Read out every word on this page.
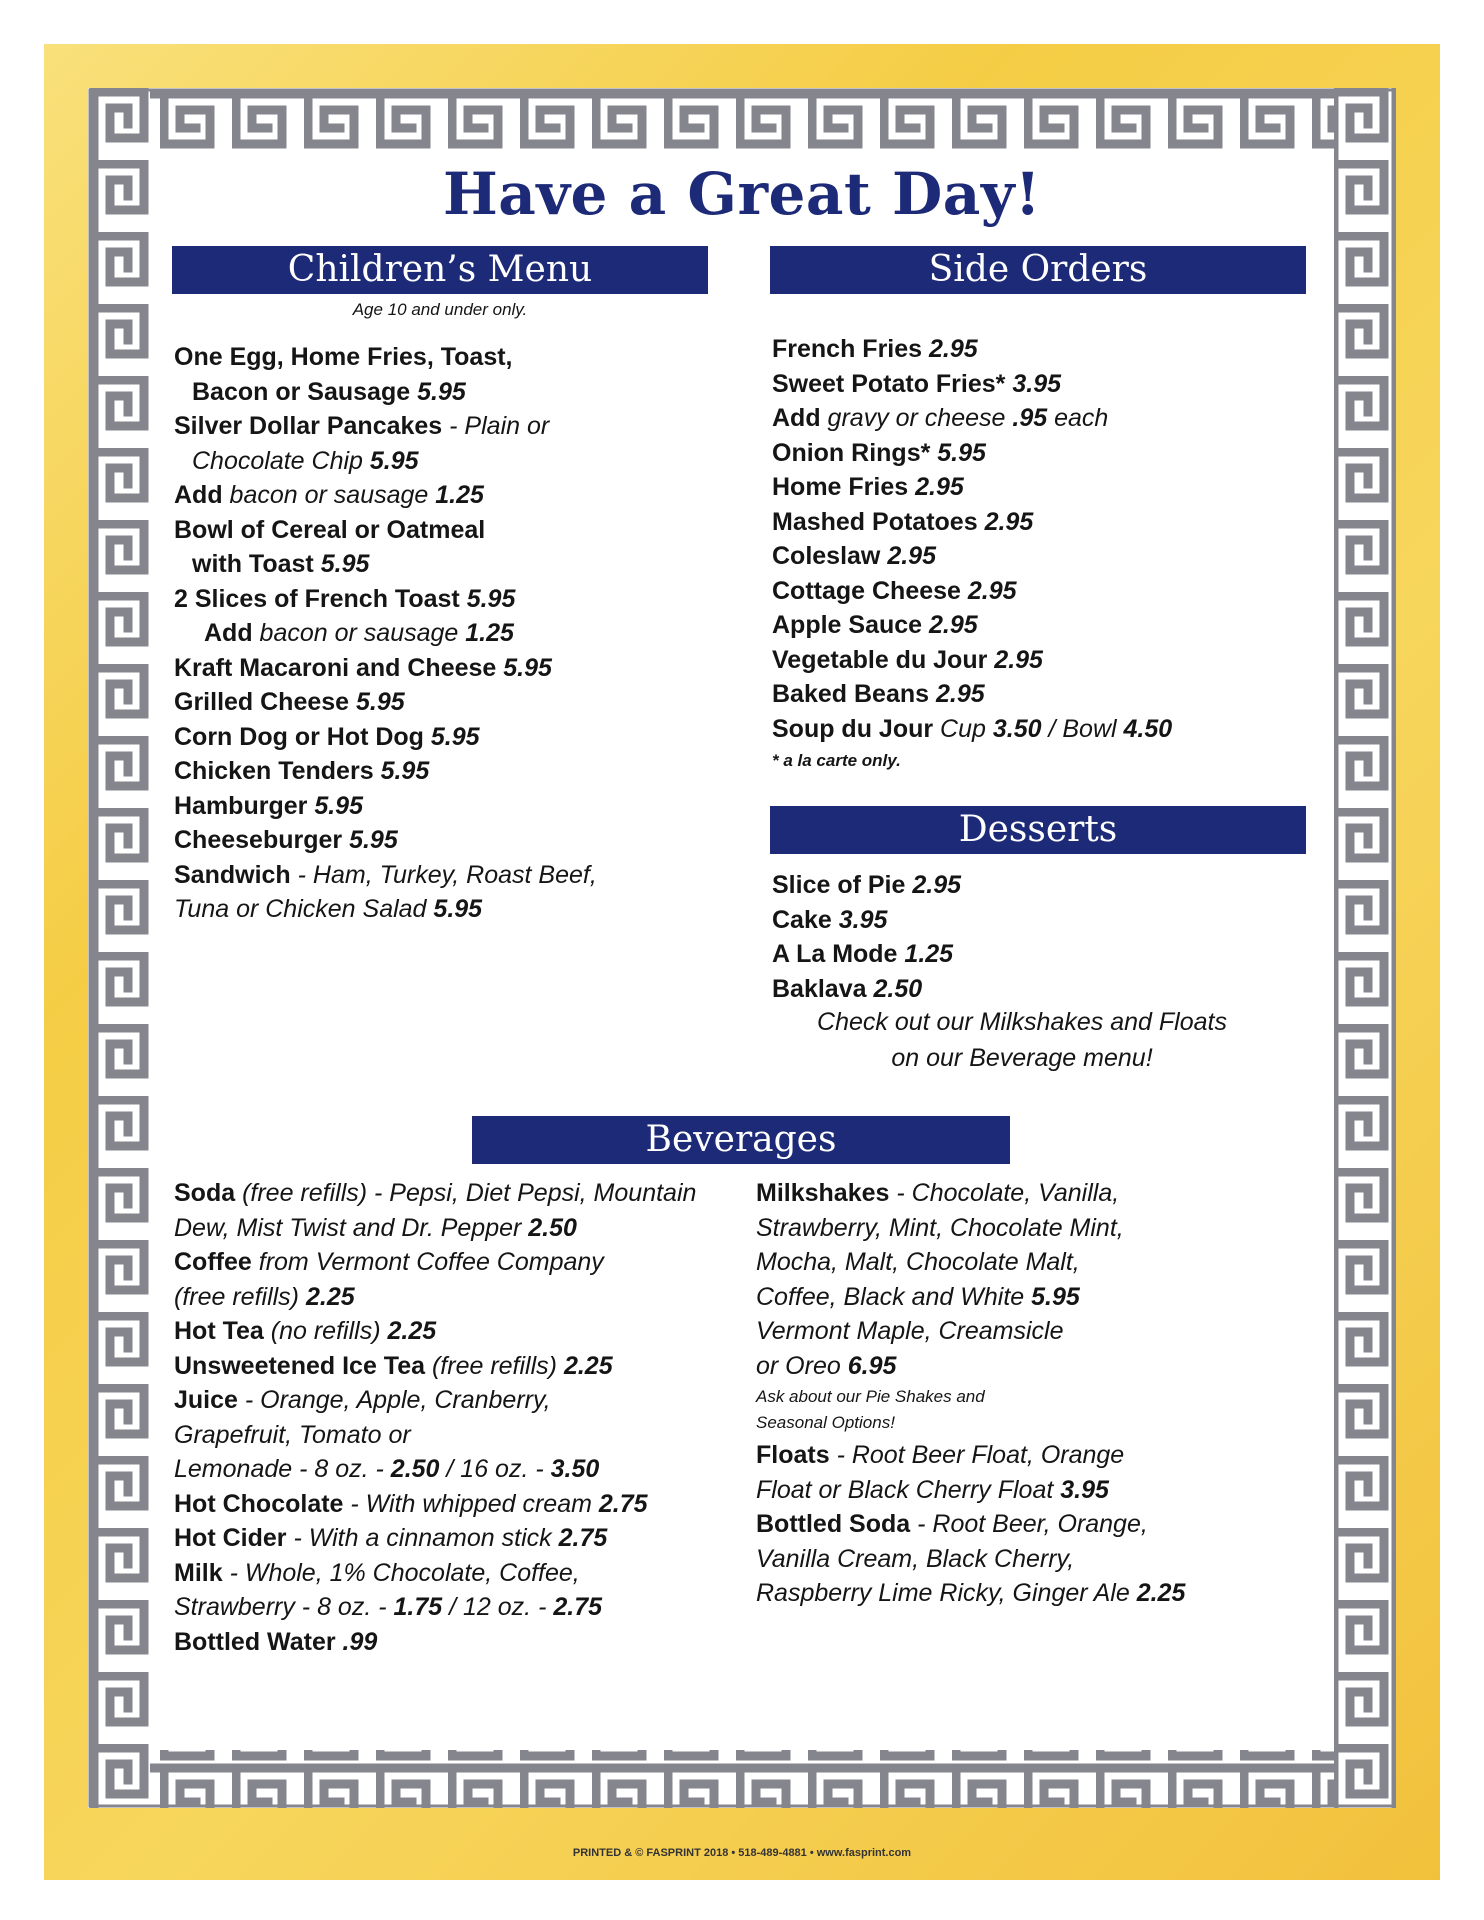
Have a Great Day!
Children’s Menu
Age 10 and under only.
One Egg, Home Fries, Toast,
Bacon or Sausage 5.95
Silver Dollar Pancakes - Plain or
Chocolate Chip 5.95
Add bacon or sausage 1.25
Bowl of Cereal or Oatmeal
with Toast 5.95
2 Slices of French Toast 5.95
Add bacon or sausage 1.25
Kraft Macaroni and Cheese 5.95
Grilled Cheese 5.95
Corn Dog or Hot Dog 5.95
Chicken Tenders 5.95
Hamburger 5.95
Cheeseburger 5.95
Sandwich - Ham, Turkey, Roast Beef,
Tuna or Chicken Salad 5.95
Side Orders
French Fries 2.95
Sweet Potato Fries* 3.95
Add gravy or cheese .95 each
Onion Rings* 5.95
Home Fries 2.95
Mashed Potatoes 2.95
Coleslaw 2.95
Cottage Cheese 2.95
Apple Sauce 2.95
Vegetable du Jour 2.95
Baked Beans 2.95
Soup du Jour Cup 3.50 / Bowl 4.50
* a la carte only.
Desserts
Slice of Pie 2.95
Cake 3.95
A La Mode 1.25
Baklava 2.50
Check out our Milkshakes and Floats
on our Beverage menu!
Beverages
Soda (free refills) - Pepsi, Diet Pepsi, Mountain
Dew, Mist Twist and Dr. Pepper 2.50
Coffee from Vermont Coffee Company
(free refills) 2.25
Hot Tea (no refills) 2.25
Unsweetened Ice Tea (free refills) 2.25
Juice - Orange, Apple, Cranberry,
Grapefruit, Tomato or
Lemonade - 8 oz. - 2.50 / 16 oz. - 3.50
Hot Chocolate - With whipped cream 2.75
Hot Cider - With a cinnamon stick 2.75
Milk - Whole, 1% Chocolate, Coffee,
Strawberry - 8 oz. - 1.75 / 12 oz. - 2.75
Bottled Water .99
Milkshakes - Chocolate, Vanilla,
Strawberry, Mint, Chocolate Mint,
Mocha, Malt, Chocolate Malt,
Coffee, Black and White 5.95
Vermont Maple, Creamsicle
or Oreo 6.95
Ask about our Pie Shakes and
Seasonal Options!
Floats - Root Beer Float, Orange
Float or Black Cherry Float 3.95
Bottled Soda - Root Beer, Orange,
Vanilla Cream, Black Cherry,
Raspberry Lime Ricky, Ginger Ale 2.25
PRINTED & © FASPRINT 2018 • 518-489-4881 • www.fasprint.com
